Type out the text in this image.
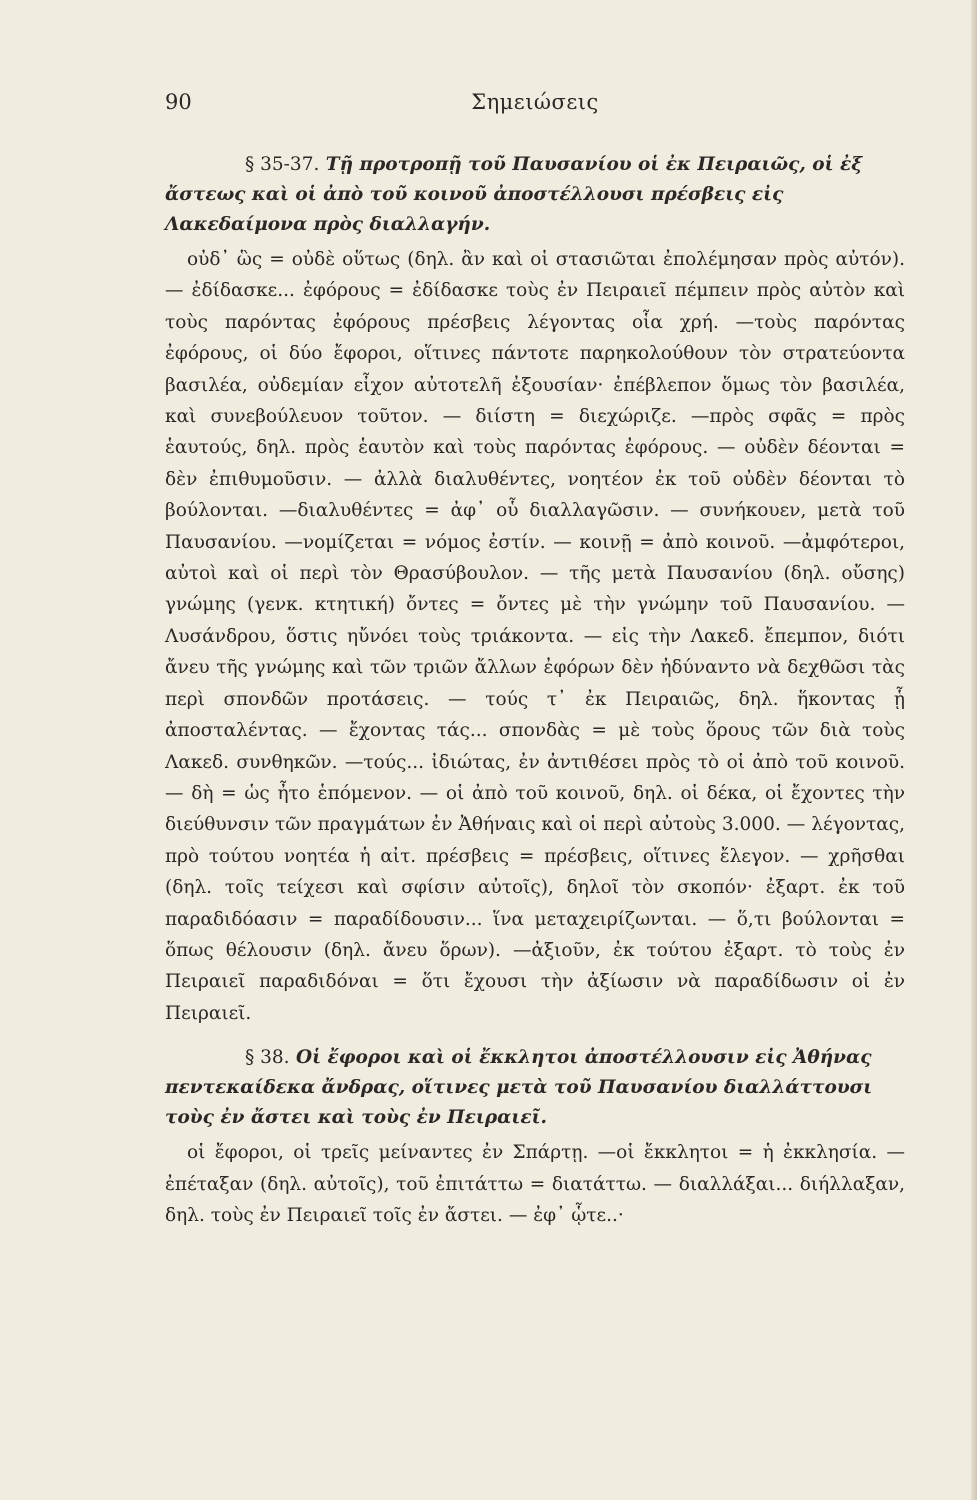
90	Σημειώσεις

§ 35-37. Τῇ προτροπῇ τοῦ Παυσανίου οἱ ἐκ Πειραιῶς, οἱ ἐξ ἄστεως καὶ οἱ ἀπὸ τοῦ κοινοῦ ἀποστέλλουσι πρέσβεις εἰς Λακεδαίμονα πρὸς διαλλαγήν.

οὐδ᾽ ὣς = οὐδὲ οὕτως (δηλ. ἂν καὶ οἱ στασιῶται ἐπολέμησαν πρὸς αὐτόν). — ἐδίδασκε... ἐφόρους = ἐδίδασκε τοὺς ἐν Πειραιεῖ πέμπειν πρὸς αὐτὸν καὶ τοὺς παρόντας ἐφόρους πρέσβεις λέγοντας οἷα χρή. —τοὺς παρόντας ἐφόρους, οἱ δύο ἔφοροι, οἵτινες πάντοτε παρηκολούθουν τὸν στρατεύοντα βασιλέα, οὐδεμίαν εἶχον αὐτοτελῆ ἐξουσίαν· ἐπέβλεπον ὅμως τὸν βασιλέα, καὶ συνεβούλευον τοῦτον. — διίστη = διεχώριζε. —πρὸς σφᾶς = πρὸς ἑαυτούς, δηλ. πρὸς ἑαυτὸν καὶ τοὺς παρόντας ἐφόρους. — οὐδὲν δέονται = δὲν ἐπιθυμοῦσιν. — ἀλλὰ διαλυθέντες, νοητέον ἐκ τοῦ οὐδὲν δέονται τὸ βούλονται. —διαλυθέντες = ἀφ᾽ οὗ διαλλαγῶσιν. — συνήκουεν, μετὰ τοῦ Παυσανίου. —νομίζεται = νόμος ἐστίν. — κοινῇ = ἀπὸ κοινοῦ. —ἀμφότεροι, αὐτοὶ καὶ οἱ περὶ τὸν Θρασύβουλον. — τῆς μετὰ Παυσανίου (δηλ. οὔσης) γνώμης (γενκ. κτητική) ὄντες = ὄντες μὲ τὴν γνώμην τοῦ Παυσανίου. — Λυσάνδρου, ὅστις ηὔνόει τοὺς τριάκοντα. — εἰς τὴν Λακεδ. ἔπεμπον, διότι ἄνευ τῆς γνώμης καὶ τῶν τριῶν ἄλλων ἐφόρων δὲν ἠδύναντο νὰ δεχθῶσι τὰς περὶ σπονδῶν προτάσεις. — τούς τ᾽ ἐκ Πειραιῶς, δηλ. ἥκοντας ᾗ ἀποσταλέντας. — ἔχοντας τάς... σπονδὰς = μὲ τοὺς ὅρους τῶν διὰ τοὺς Λακεδ. συνθηκῶν. —τούς... ἰδιώτας, ἐν ἀντιθέσει πρὸς τὸ οἱ ἀπὸ τοῦ κοινοῦ. — δὴ = ὡς ἦτο ἑπόμενον. — οἱ ἀπὸ τοῦ κοινοῦ, δηλ. οἱ δέκα, οἱ ἔχοντες τὴν διεύθυνσιν τῶν πραγμάτων ἐν Ἀθήναις καὶ οἱ περὶ αὐτοὺς 3.000. — λέγοντας, πρὸ τούτου νοητέα ἡ αἰτ. πρέσβεις = πρέσβεις, οἵτινες ἔλεγον. — χρῆσθαι (δηλ. τοῖς τείχεσι καὶ σφίσιν αὐτοῖς), δηλοῖ τὸν σκοπόν· ἐξαρτ. ἐκ τοῦ παραδιδόασιν = παραδίδουσιν... ἵνα μεταχειρίζωνται. — ὅ,τι βούλονται = ὅπως θέλουσιν (δηλ. ἄνευ ὅρων). —ἀξιοῦν, ἐκ τούτου ἐξαρτ. τὸ τοὺς ἐν Πειραιεῖ παραδιδόναι = ὅτι ἔχουσι τὴν ἀξίωσιν νὰ παραδίδωσιν οἱ ἐν Πειραιεῖ.

§ 38. Οἱ ἔφοροι καὶ οἱ ἔκκλητοι ἀποστέλλουσιν εἰς Ἀθήνας πεντεκαίδεκα ἄνδρας, οἵτινες μετὰ τοῦ Παυσανίου διαλλάττουσι τοὺς ἐν ἄστει καὶ τοὺς ἐν Πειραιεῖ.

οἱ ἔφοροι, οἱ τρεῖς μείναντες ἐν Σπάρτῃ. —οἱ ἔκκλητοι = ἡ ἐκκλησία. —ἐπέταξαν (δηλ. αὐτοῖς), τοῦ ἐπιτάττω = διατάττω. — διαλλάξαι... διήλλαξαν, δηλ. τοὺς ἐν Πειραιεῖ τοῖς ἐν ἄστει. — ἐφ᾽ ᾧτε..·
